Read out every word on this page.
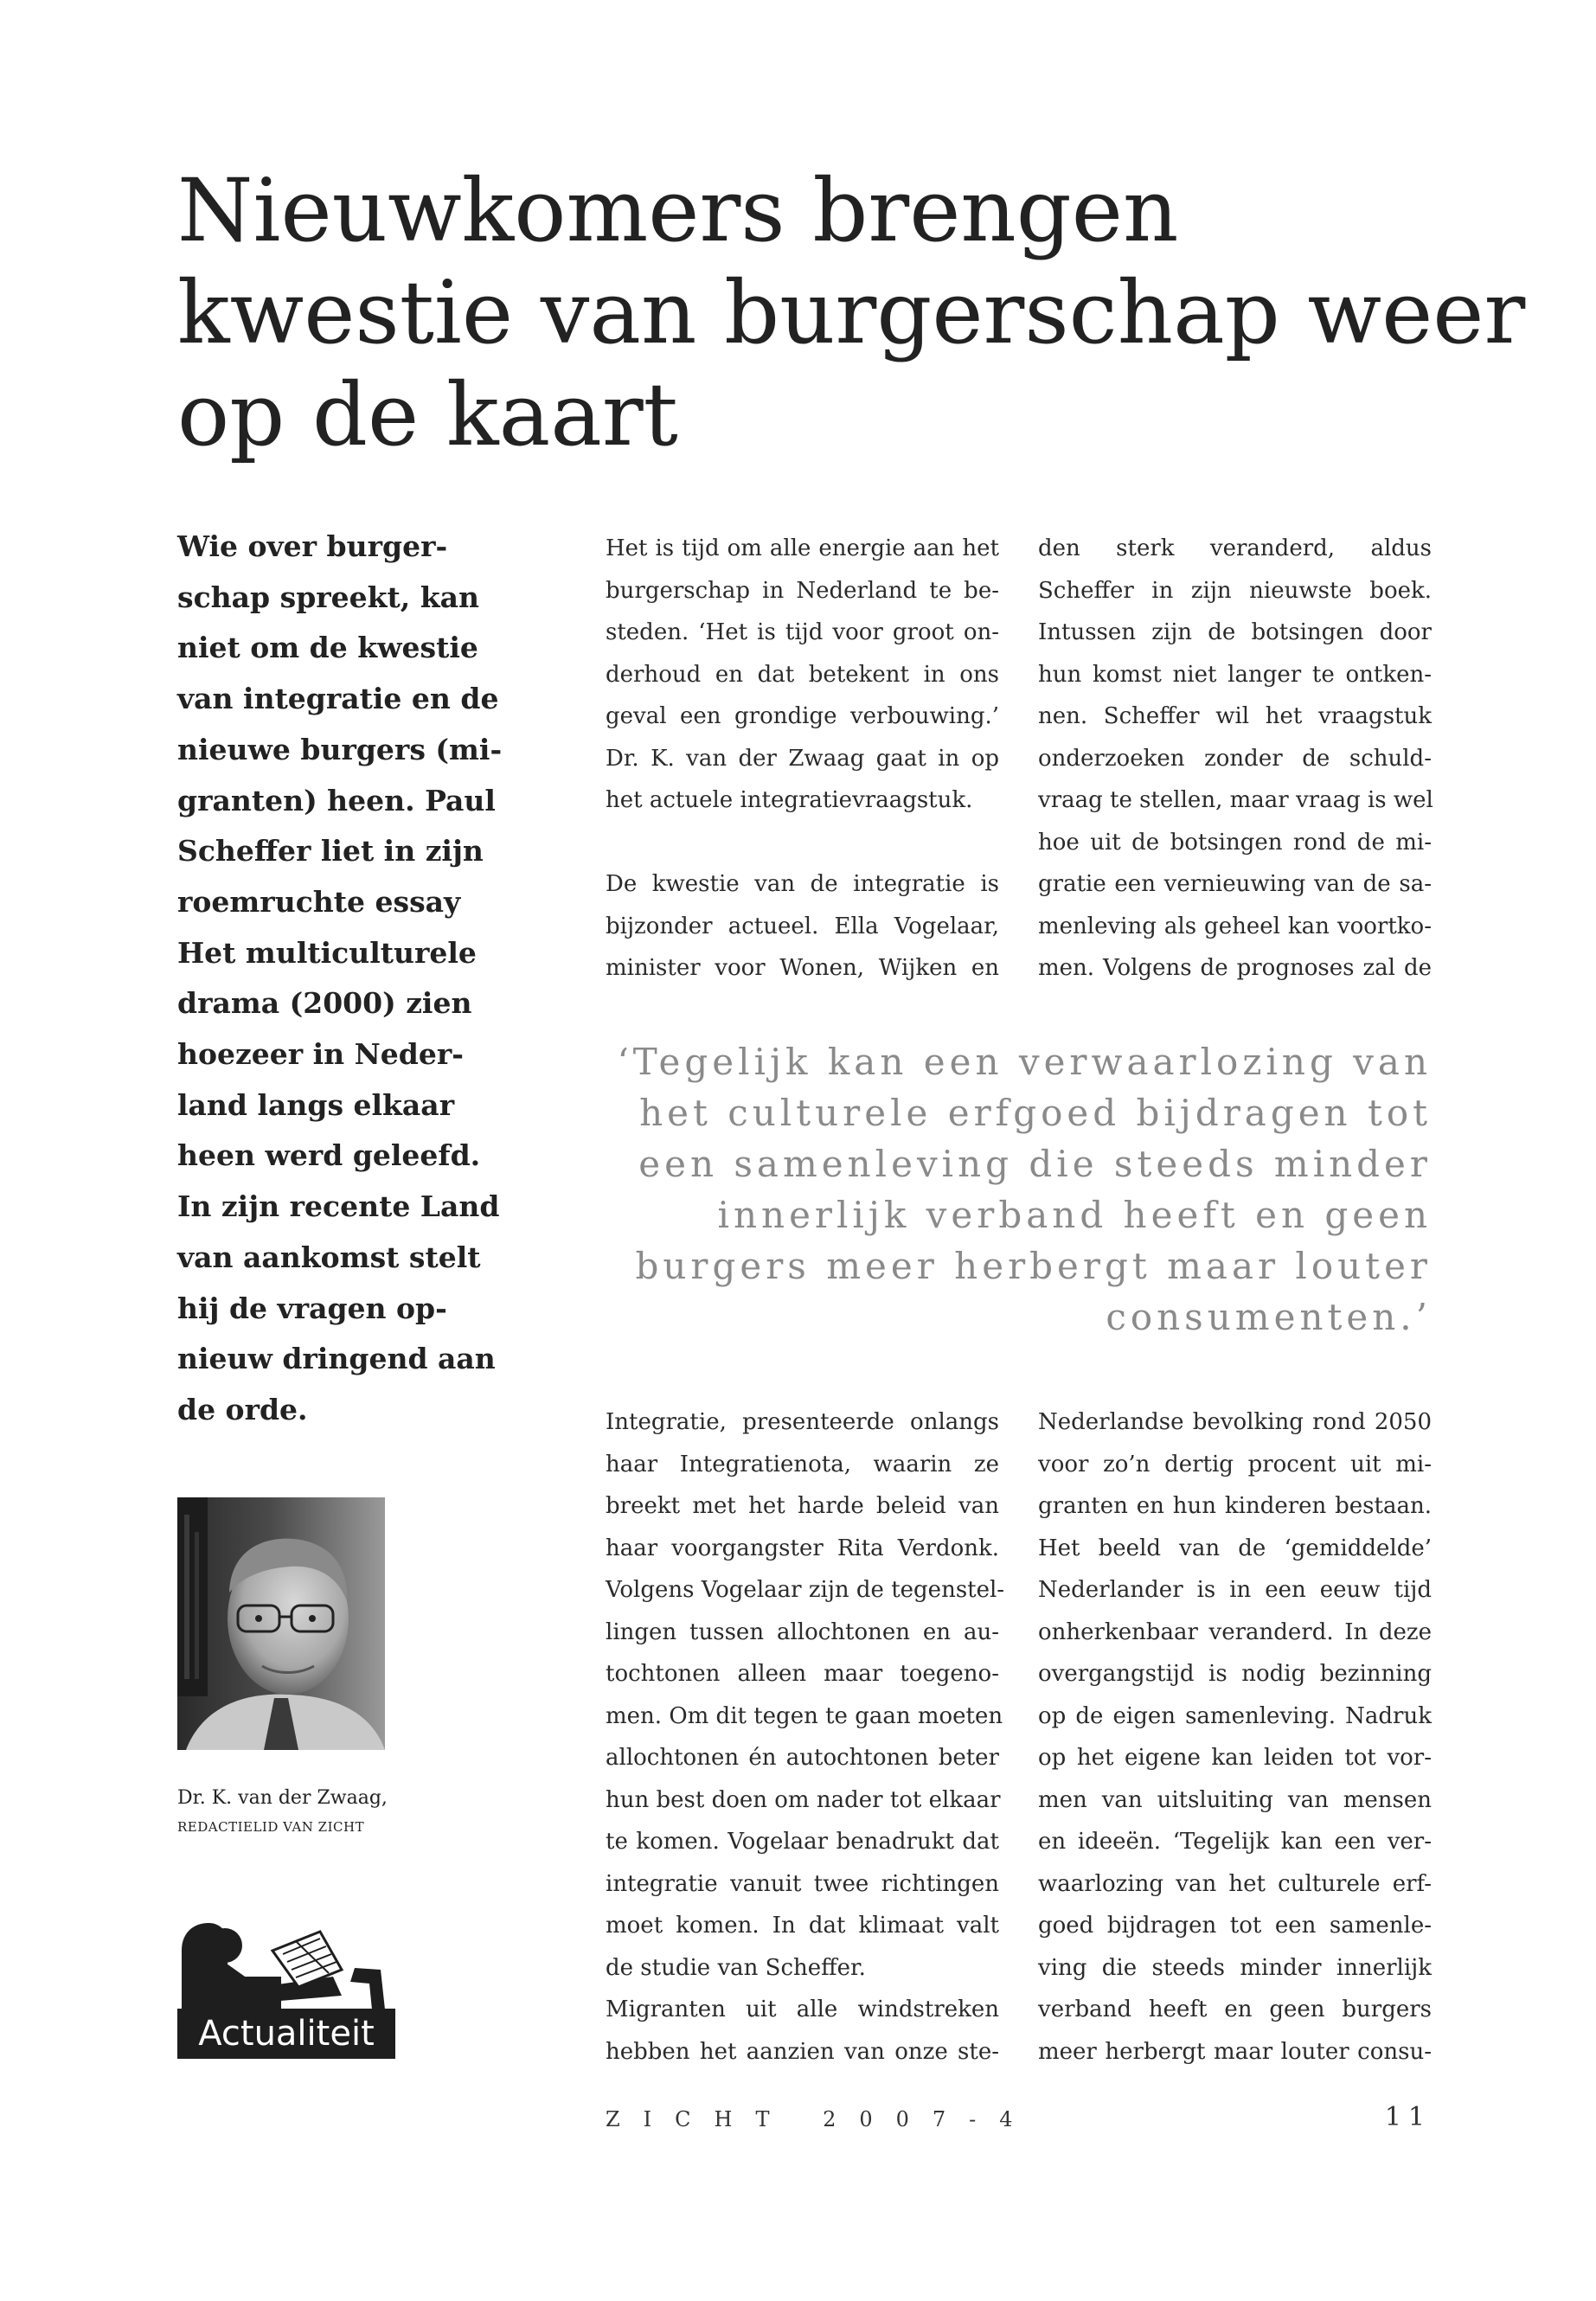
Nieuwkomers brengen
kwestie van burgerschap weer
op de kaart
Wie over burger-
schap spreekt, kan
niet om de kwestie
van integratie en de
nieuwe burgers (mi-
granten) heen. Paul
Scheffer liet in zijn
roemruchte essay
Het multiculturele
drama (2000) zien
hoezeer in Neder-
land langs elkaar
heen werd geleefd.
In zijn recente Land
van aankomst stelt
hij de vragen op-
nieuw dringend aan
de orde.
Het is tijd om alle energie aan het
burgerschap in Nederland te be-
steden. ‘Het is tijd voor groot on-
derhoud en dat betekent in ons
geval een grondige verbouwing.’
Dr. K. van der Zwaag gaat in op
het actuele integratievraagstuk.
De kwestie van de integratie is
bijzonder actueel. Ella Vogelaar,
minister voor Wonen, Wijken en
den sterk veranderd, aldus
Scheffer in zijn nieuwste boek.
Intussen zijn de botsingen door
hun komst niet langer te ontken-
nen. Scheffer wil het vraagstuk
onderzoeken zonder de schuld-
vraag te stellen, maar vraag is wel
hoe uit de botsingen rond de mi-
gratie een vernieuwing van de sa-
menleving als geheel kan voortko-
men. Volgens de prognoses zal de
‘Tegelijk kan een verwaarlozing van
het culturele erfgoed bijdragen tot
een samenleving die steeds minder
innerlijk verband heeft en geen
burgers meer herbergt maar louter
consumenten.’
Integratie, presenteerde onlangs
haar Integratienota, waarin ze
breekt met het harde beleid van
haar voorgangster Rita Verdonk.
Volgens Vogelaar zijn de tegenstel-
lingen tussen allochtonen en au-
tochtonen alleen maar toegeno-
men. Om dit tegen te gaan moeten
allochtonen én autochtonen beter
hun best doen om nader tot elkaar
te komen. Vogelaar benadrukt dat
integratie vanuit twee richtingen
moet komen. In dat klimaat valt
de studie van Scheffer.
Migranten uit alle windstreken
hebben het aanzien van onze ste-
Nederlandse bevolking rond 2050
voor zo’n dertig procent uit mi-
granten en hun kinderen bestaan.
Het beeld van de ‘gemiddelde’
Nederlander is in een eeuw tijd
onherkenbaar veranderd. In deze
overgangstijd is nodig bezinning
op de eigen samenleving. Nadruk
op het eigene kan leiden tot vor-
men van uitsluiting van mensen
en ideeën. ‘Tegelijk kan een ver-
waarlozing van het culturele erf-
goed bijdragen tot een samenle-
ving die steeds minder innerlijk
verband heeft en geen burgers
meer herbergt maar louter consu-

Dr. K. van der Zwaag,

REDACTIELID VAN ZICHT

Actualiteit

ZICHT 2007-4	11
